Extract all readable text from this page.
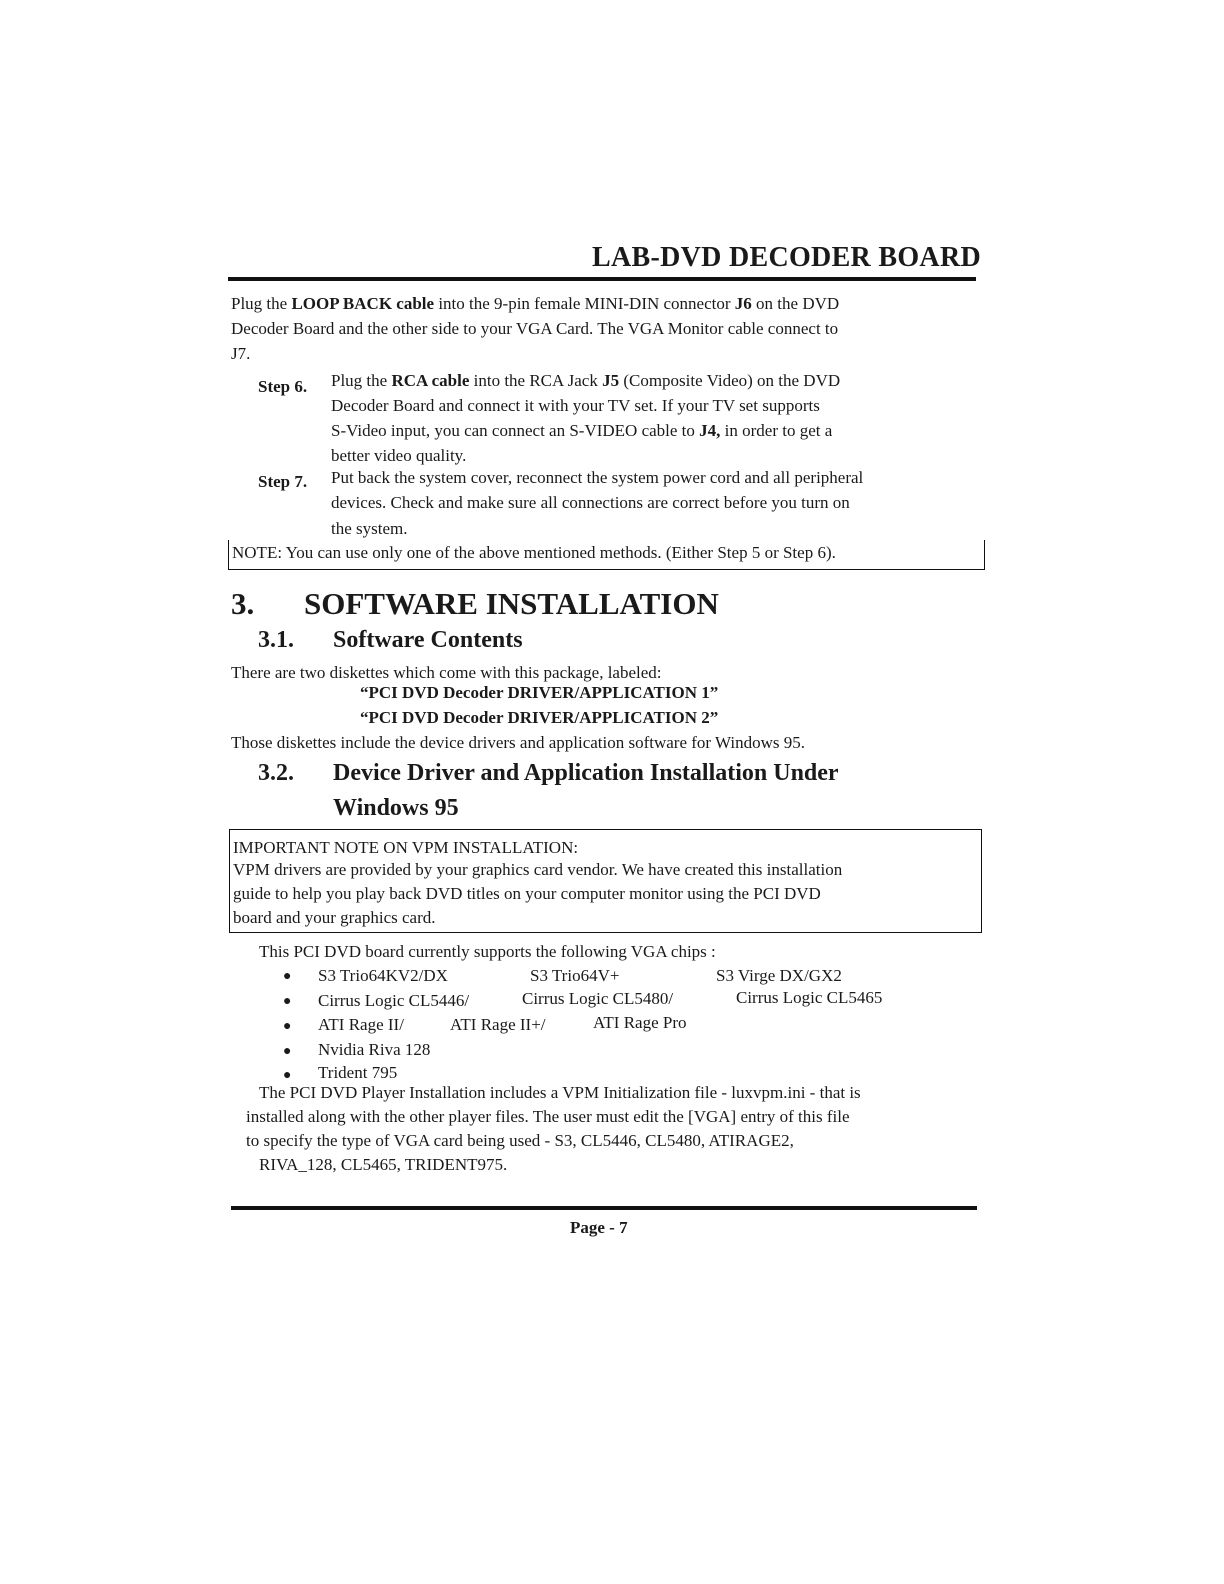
LAB-DVD DECODER BOARD
Plug the LOOP BACK cable into the 9-pin female MINI-DIN connector J6 on the DVD
Decoder Board and the other side to your VGA Card. The VGA Monitor cable connect to
J7.
Step 6. Plug the RCA cable into the RCA Jack J5 (Composite Video) on the DVD
Decoder Board and connect it with your TV set. If your TV set supports
S-Video input, you can connect an S-VIDEO cable to J4, in order to get a
better video quality.
Step 7. Put back the system cover, reconnect the system power cord and all peripheral
devices. Check and make sure all connections are correct before you turn on
the system.
NOTE: You can use only one of the above mentioned methods. (Either Step 5 or Step 6).
3. SOFTWARE INSTALLATION
3.1. Software Contents
There are two diskettes which come with this package, labeled:
“PCI DVD Decoder DRIVER/APPLICATION 1”
“PCI DVD Decoder DRIVER/APPLICATION 2”
Those diskettes include the device drivers and application software for Windows 95.
3.2. Device Driver and Application Installation Under
Windows 95
IMPORTANT NOTE ON VPM INSTALLATION:
VPM drivers are provided by your graphics card vendor. We have created this installation
guide to help you play back DVD titles on your computer monitor using the PCI DVD
board and your graphics card.
This PCI DVD board currently supports the following VGA chips :
● S3 Trio64KV2/DX	S3 Trio64V+	S3 Virge DX/GX2
● Cirrus Logic CL5446/	Cirrus Logic CL5480/	Cirrus Logic CL5465
● ATI Rage II/	ATI Rage II+/	ATI Rage Pro
● Nvidia Riva 128
● Trident 795
The PCI DVD Player Installation includes a VPM Initialization file - luxvpm.ini - that is
installed along with the other player files. The user must edit the [VGA] entry of this file
to specify the type of VGA card being used - S3, CL5446, CL5480, ATIRAGE2,
RIVA_128, CL5465, TRIDENT975.
Page - 7
